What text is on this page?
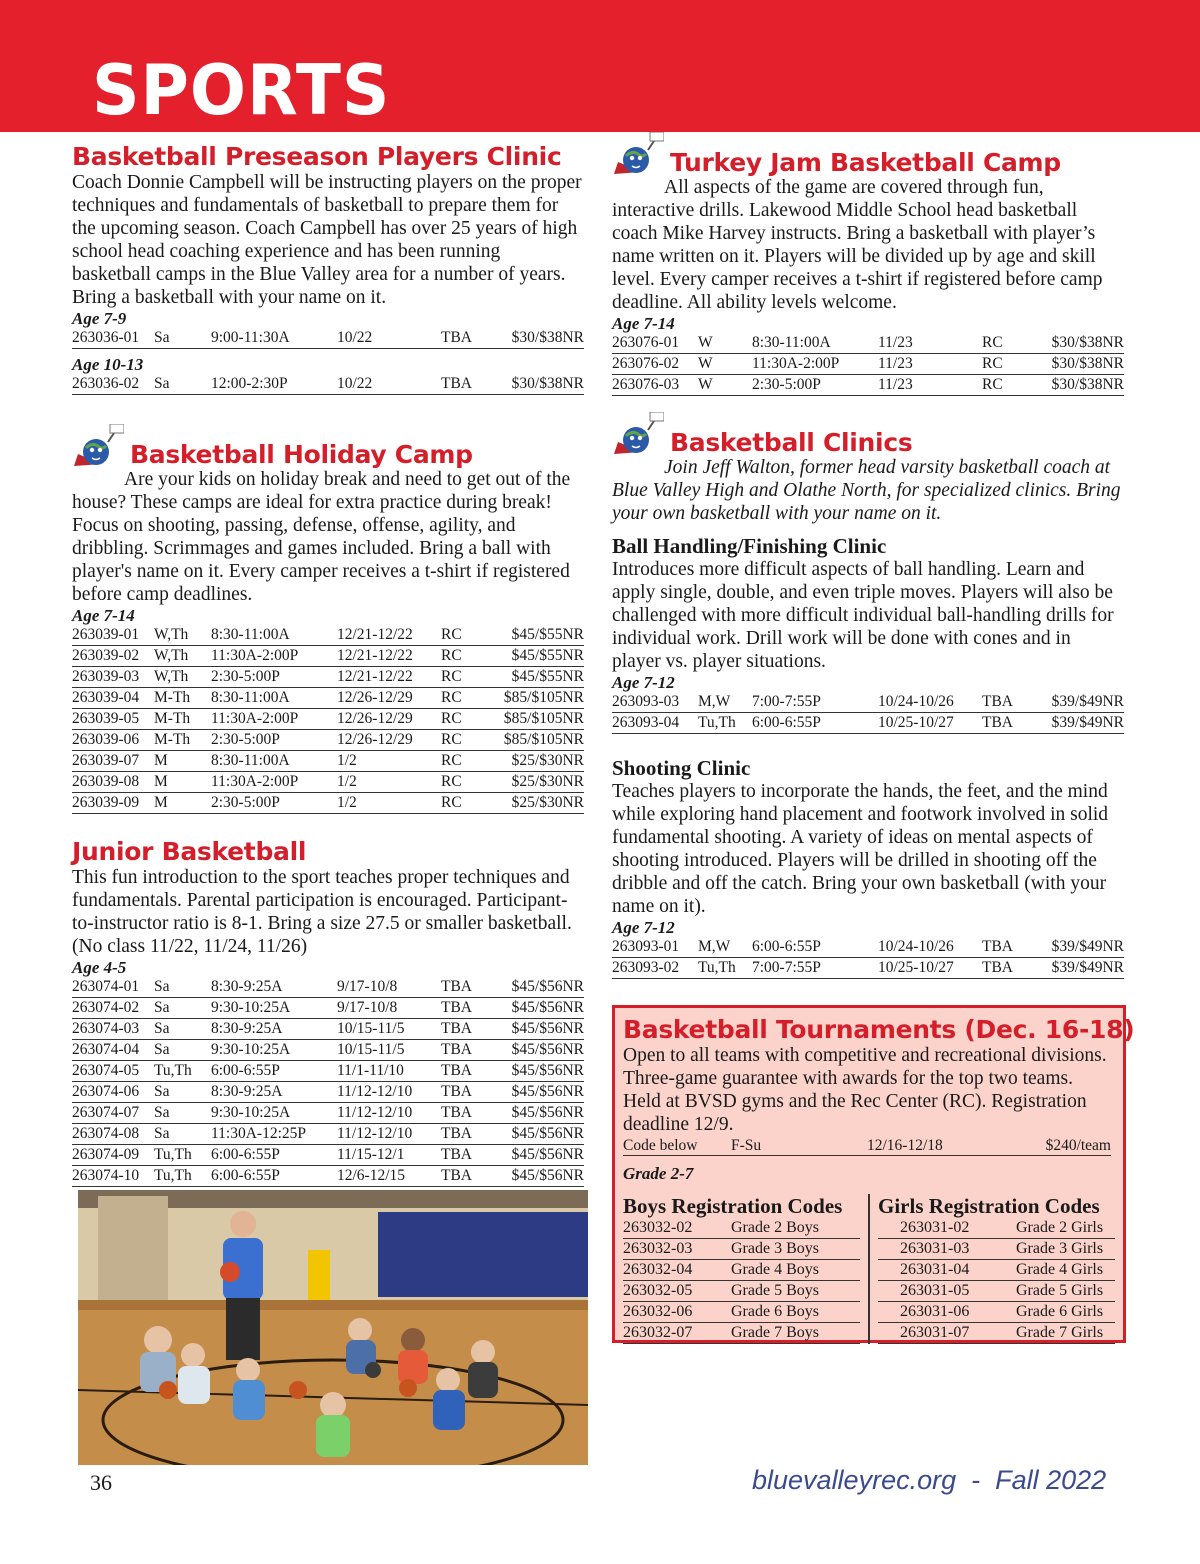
SPORTS
Basketball Preseason Players Clinic

Coach Donnie Campbell will be instructing players on the proper techniques and fundamentals of basketball to prepare them for the upcoming season. Coach Campbell has over 25 years of high school head coaching experience and has been running basketball camps in the Blue Valley area for a number of years. Bring a basketball with your name on it.

Age 7-9
263036-01 Sa	9:00-11:30A	10/22	TBA	$30/$38NR
Age 10-13
263036-02 Sa	12:00-2:30P	10/22	TBA	$30/$38NR
Basketball Holiday Camp

Are your kids on holiday break and need to get out of the house? These camps are ideal for extra practice during break! Focus on shooting, passing, defense, offense, agility, and dribbling. Scrimmages and games included. Bring a ball with player's name on it. Every camper receives a t-shirt if registered before camp deadlines.

Age 7-14
263039-01 W,Th	8:30-11:00A	12/21-12/22	RC	$45/$55NR
263039-02 W,Th	11:30A-2:00P	12/21-12/22	RC	$45/$55NR
263039-03 W,Th	2:30-5:00P	12/21-12/22	RC	$45/$55NR
263039-04 M-Th	8:30-11:00A	12/26-12/29	RC	$85/$105NR
263039-05 M-Th	11:30A-2:00P	12/26-12/29	RC	$85/$105NR
263039-06 M-Th	2:30-5:00P	12/26-12/29	RC	$85/$105NR
263039-07 M	8:30-11:00A	1/2	RC	$25/$30NR
263039-08 M	11:30A-2:00P	1/2	RC	$25/$30NR
263039-09 M	2:30-5:00P	1/2	RC	$25/$30NR
Junior Basketball

This fun introduction to the sport teaches proper techniques and fundamentals. Parental participation is encouraged. Participant-to-instructor ratio is 8-1. Bring a size 27.5 or smaller basketball. (No class 11/22, 11/24, 11/26)

Age 4-5
263074-01 Sa	8:30-9:25A	9/17-10/8	TBA	$45/$56NR
263074-02 Sa	9:30-10:25A	9/17-10/8	TBA	$45/$56NR
263074-03 Sa	8:30-9:25A	10/15-11/5	TBA	$45/$56NR
263074-04 Sa	9:30-10:25A	10/15-11/5	TBA	$45/$56NR
263074-05 Tu,Th	6:00-6:55P	11/1-11/10	TBA	$45/$56NR
263074-06 Sa	8:30-9:25A	11/12-12/10	TBA	$45/$56NR
263074-07 Sa	9:30-10:25A	11/12-12/10	TBA	$45/$56NR
263074-08 Sa	11:30A-12:25P	11/12-12/10	TBA	$45/$56NR
263074-09 Tu,Th	6:00-6:55P	11/15-12/1	TBA	$45/$56NR
263074-10 Tu,Th	6:00-6:55P	12/6-12/15	TBA	$45/$56NR
Turkey Jam Basketball Camp

All aspects of the game are covered through fun, interactive drills. Lakewood Middle School head basketball coach Mike Harvey instructs. Bring a basketball with player’s name written on it. Players will be divided up by age and skill level. Every camper receives a t-shirt if registered before camp deadline. All ability levels welcome.

Age 7-14
263076-01	W	8:30-11:00A	11/23	RC	$30/$38NR
263076-02	W	11:30A-2:00P	11/23	RC	$30/$38NR
263076-03	W	2:30-5:00P	11/23	RC	$30/$38NR
Basketball Clinics

Join Jeff Walton, former head varsity basketball coach at Blue Valley High and Olathe North, for specialized clinics. Bring your own basketball with your name on it.

Ball Handling/Finishing Clinic

Introduces more difficult aspects of ball handling. Learn and apply single, double, and even triple moves. Players will also be challenged with more difficult individual ball-handling drills for individual work. Drill work will be done with cones and in player vs. player situations.

Age 7-12
263093-03	M,W	7:00-7:55P	10/24-10/26	TBA	$39/$49NR
263093-04	Tu,Th	6:00-6:55P	10/25-10/27	TBA	$39/$49NR
Shooting Clinic

Teaches players to incorporate the hands, the feet, and the mind while exploring hand placement and footwork involved in solid fundamental shooting. A variety of ideas on mental aspects of shooting introduced. Players will be drilled in shooting off the dribble and off the catch. Bring your own basketball (with your name on it).

Age 7-12
263093-01	M,W	6:00-6:55P	10/24-10/26	TBA	$39/$49NR
263093-02	Tu,Th	7:00-7:55P	10/25-10/27	TBA	$39/$49NR
Basketball Tournaments (Dec. 16-18)

Open to all teams with competitive and recreational divisions. Three-game guarantee with awards for the top two teams. Held at BVSD gyms and the Rec Center (RC). Registration deadline 12/9.

Code below	F-Su	12/16-12/18	$240/team
Grade 2-7
Boys Registration Codes
263032-02	Grade 2 Boys
263032-03	Grade 3 Boys
263032-04	Grade 4 Boys
263032-05	Grade 5 Boys
263032-06	Grade 6 Boys
263032-07	Grade 7 Boys
Girls Registration Codes
263031-02	Grade 2 Girls
263031-03	Grade 3 Girls
263031-04	Grade 4 Girls
263031-05	Grade 5 Girls
263031-06	Grade 6 Girls
263031-07	Grade 7 Girls
36	bluevalleyrec.org  -  Fall 2022
